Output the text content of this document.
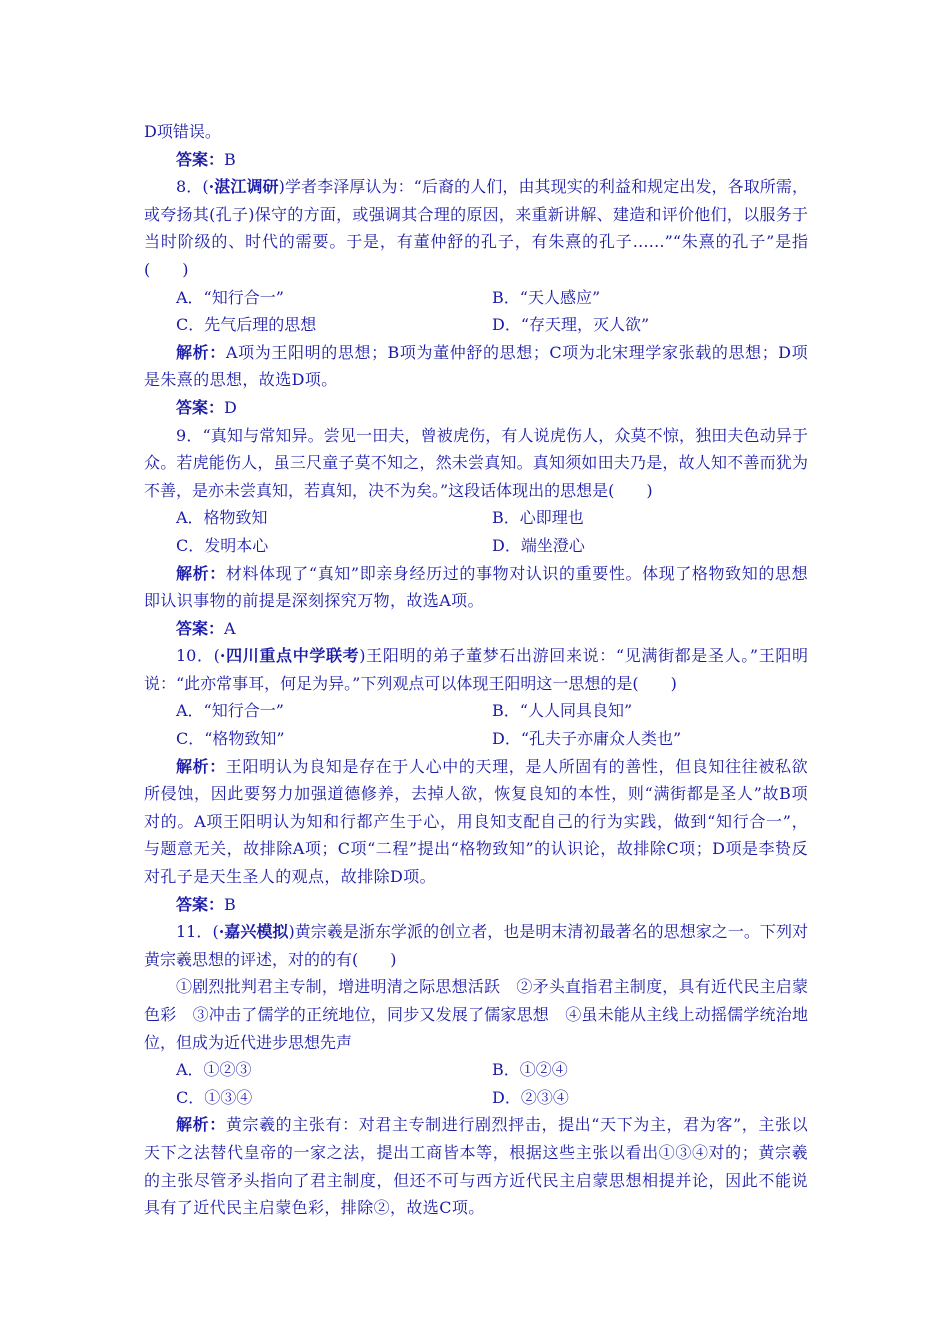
D项错误。

答案：B

8．(·湛江调研)学者李泽厚认为：“后裔的人们，由其现实的利益和规定出发，各取所需，或夸扬其(孔子)保守的方面，或强调其合理的原因，来重新讲解、建造和评价他们，以服务于当时阶级的、时代的需要。于是，有董仲舒的孔子，有朱熹的孔子……”“朱熹的孔子”是指(　　)

A．“知行合一”	B．“天人感应”
C．先气后理的思想	D．“存天理，灭人欲”

解析：A项为王阳明的思想；B项为董仲舒的思想；C项为北宋理学家张载的思想；D项是朱熹的思想，故选D项。

答案：D

9．“真知与常知异。尝见一田夫，曾被虎伤，有人说虎伤人，众莫不惊，独田夫色动异于众。若虎能伤人，虽三尺童子莫不知之，然未尝真知。真知须如田夫乃是，故人知不善而犹为不善，是亦未尝真知，若真知，决不为矣。”这段话体现出的思想是(　　)

A．格物致知	B．心即理也
C．发明本心	D．端坐澄心

解析：材料体现了“真知”即亲身经历过的事物对认识的重要性。体现了格物致知的思想即认识事物的前提是深刻探究万物，故选A项。

答案：A

10．(·四川重点中学联考)王阳明的弟子董梦石出游回来说：“见满街都是圣人。”王阳明说：“此亦常事耳，何足为异。”下列观点可以体现王阳明这一思想的是(　　)

A．“知行合一”	B．“人人同具良知”
C．“格物致知”	D．“孔夫子亦庸众人类也”

解析：王阳明认为良知是存在于人心中的天理，是人所固有的善性，但良知往往被私欲所侵蚀，因此要努力加强道德修养，去掉人欲，恢复良知的本性，则“满街都是圣人”故B项对的。A项王阳明认为知和行都产生于心，用良知支配自己的行为实践，做到“知行合一”，与题意无关，故排除A项；C项“二程”提出“格物致知”的认识论，故排除C项；D项是李贽反对孔子是天生圣人的观点，故排除D项。

答案：B

11．(·嘉兴模拟)黄宗羲是浙东学派的创立者，也是明末清初最著名的思想家之一。下列对黄宗羲思想的评述，对的的有(　　)

①剧烈批判君主专制，增进明清之际思想活跃　②矛头直指君主制度，具有近代民主启蒙色彩　③冲击了儒学的正统地位，同步又发展了儒家思想　④虽未能从主线上动摇儒学统治地位，但成为近代进步思想先声

A．①②③	B．①②④
C．①③④	D．②③④

解析：黄宗羲的主张有：对君主专制进行剧烈抨击，提出“天下为主，君为客”，主张以天下之法替代皇帝的一家之法，提出工商皆本等，根据这些主张以看出①③④对的；黄宗羲的主张尽管矛头指向了君主制度，但还不可与西方近代民主启蒙思想相提并论，因此不能说具有了近代民主启蒙色彩，排除②，故选C项。
